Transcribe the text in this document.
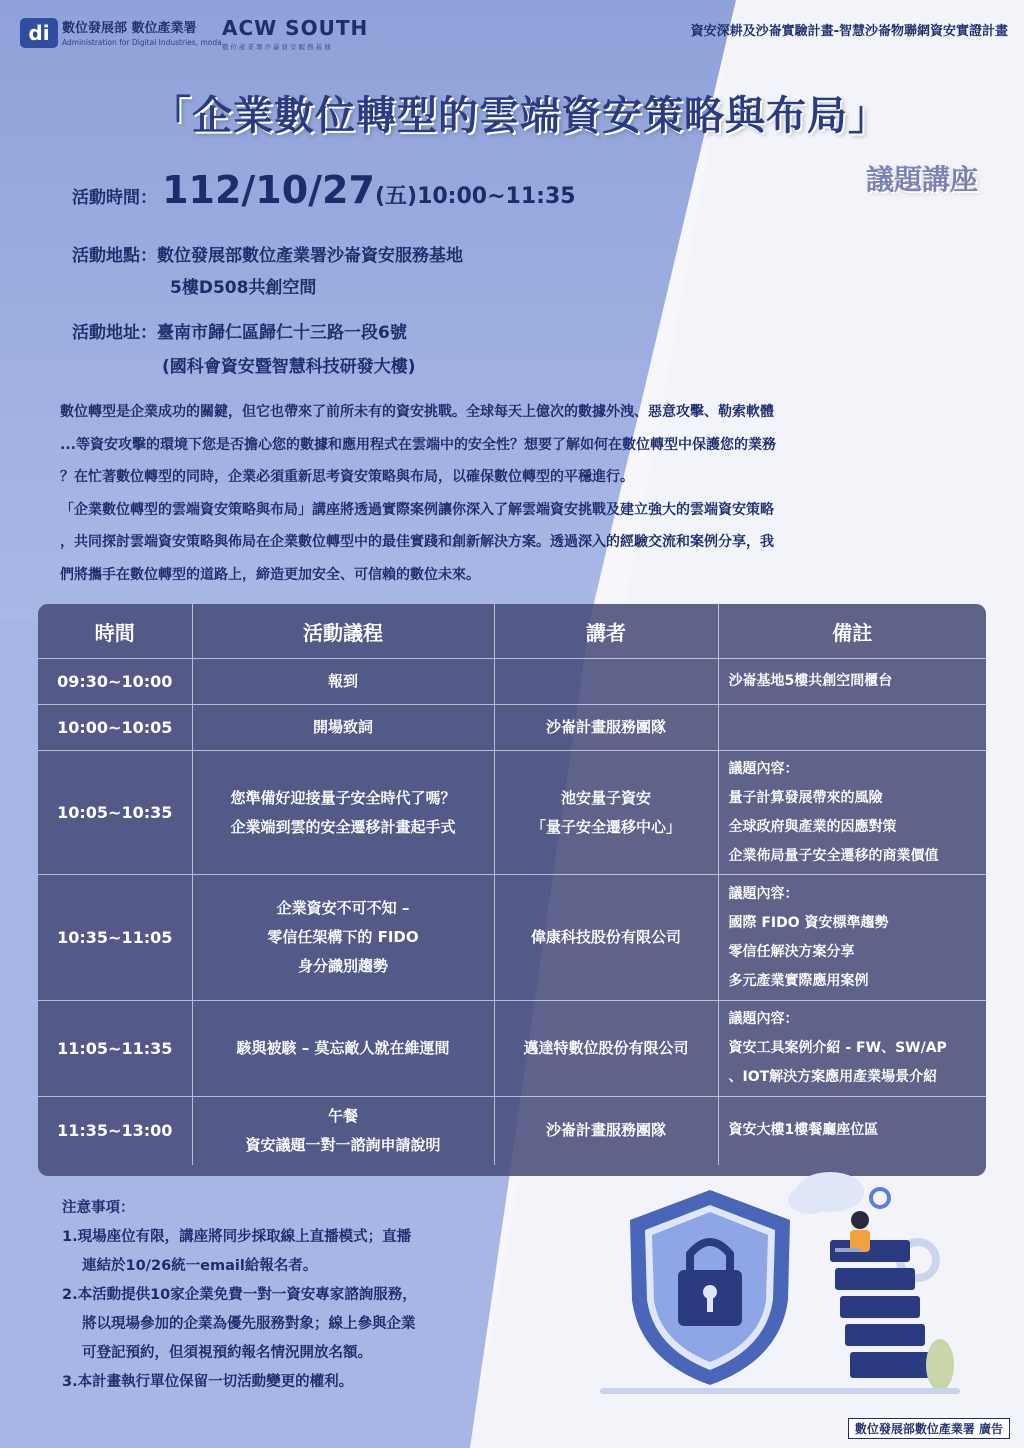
di 數位發展部 數位產業署
Administration for Digital Industries, moda
ACW SOUTH
數位產業署沙崙資安服務基地
資安深耕及沙崙實驗計畫-智慧沙崙物聯網資安實證計畫
「企業數位轉型的雲端資安策略與布局」
議題講座
活動時間： 112/10/27(五)10:00~11:35
活動地點：數位發展部數位產業署沙崙資安服務基地
5樓D508共創空間
活動地址：臺南市歸仁區歸仁十三路一段6號
(國科會資安暨智慧科技研發大樓)

數位轉型是企業成功的關鍵，但它也帶來了前所未有的資安挑戰。全球每天上億次的數據外洩、惡意攻擊、勒索軟體

...等資安攻擊的環境下您是否擔心您的數據和應用程式在雲端中的安全性？想要了解如何在數位轉型中保護您的業務

？在忙著數位轉型的同時，企業必須重新思考資安策略與布局，以確保數位轉型的平穩進行。

「企業數位轉型的雲端資安策略與布局」講座將透過實際案例讓你深入了解雲端資安挑戰及建立強大的雲端資安策略

，共同探討雲端資安策略與佈局在企業數位轉型中的最佳實踐和創新解決方案。透過深入的經驗交流和案例分享，我

們將攜手在數位轉型的道路上，締造更加安全、可信賴的數位未來。

時間	活動議程	講者	備註
09:30~10:00	報到		沙崙基地5樓共創空間櫃台

10:00~10:05	開場致詞	沙崙計畫服務團隊	

10:05~10:35	您準備好迎接量子安全時代了嗎？
企業端到雲的安全遷移計畫起手式	池安量子資安
「量子安全遷移中心」	議題內容：
量子計算發展帶來的風險
全球政府與產業的因應對策
企業佈局量子安全遷移的商業價值

10:35~11:05	企業資安不可不知 –
零信任架構下的 FIDO
身分識別趨勢	偉康科技股份有限公司	議題內容：
國際 FIDO 資安標準趨勢
零信任解決方案分享
多元產業實際應用案例

11:05~11:35	駭與被駭 – 莫忘敵人就在維運間	邁達特數位股份有限公司	議題內容：
資安工具案例介紹 - FW、SW/AP
、IOT解決方案應用產業場景介紹

11:35~13:00	午餐
資安議題一對一諮詢申請說明	沙崙計畫服務團隊	資安大樓1樓餐廳座位區
注意事項：
1.現場座位有限，講座將同步採取線上直播模式；直播
連結於10/26統一email給報名者。
2.本活動提供10家企業免費一對一資安專家諮詢服務，
將以現場參加的企業為優先服務對象；線上參與企業
可登記預約，但須視預約報名情況開放名額。
3.本計畫執行單位保留一切活動變更的權利。
數位發展部數位產業署 廣告
